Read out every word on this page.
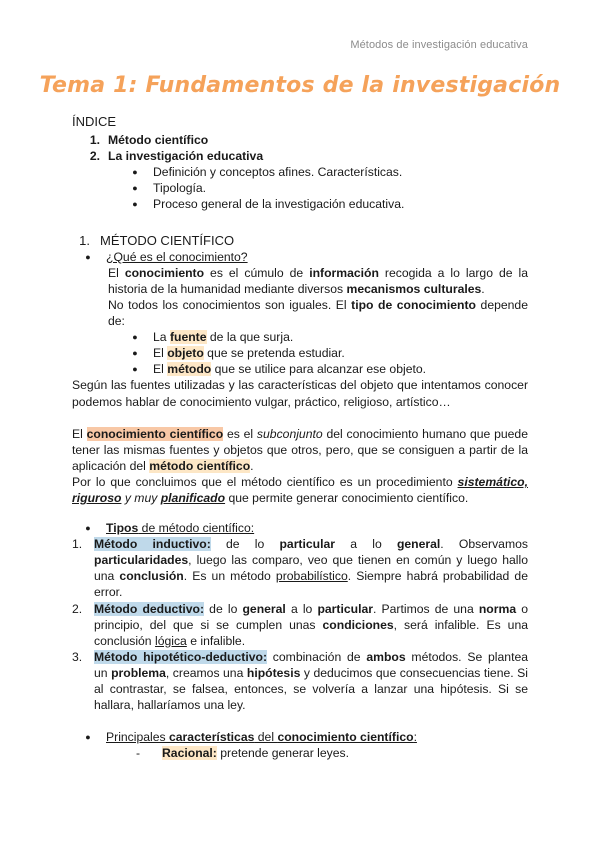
Métodos de investigación educativa
Tema 1: Fundamentos de la investigación
ÍNDICE
1. Método científico
2. La investigación educativa
●	Definición y conceptos afines. Características.
●	Tipología.
●	Proceso general de la investigación educativa.
1. MÉTODO CIENTÍFICO
●	¿Qué es el conocimiento?
El conocimiento es el cúmulo de información recogida a lo largo de la historia de la humanidad mediante diversos mecanismos culturales.
No todos los conocimientos son iguales. El tipo de conocimiento depende de:
●	La fuente de la que surja.
●	El objeto que se pretenda estudiar.
●	El método que se utilice para alcanzar ese objeto.
Según las fuentes utilizadas y las características del objeto que intentamos conocer podemos hablar de conocimiento vulgar, práctico, religioso, artístico…
El conocimiento científico es el subconjunto del conocimiento humano que puede tener las mismas fuentes y objetos que otros, pero, que se consiguen a partir de la aplicación del método científico.
Por lo que concluimos que el método científico es un procedimiento sistemático, riguroso y muy planificado que permite generar conocimiento científico.
●	Tipos de método científico:
1. Método inductivo: de lo particular a lo general. Observamos particularidades, luego las comparo, veo que tienen en común y luego hallo una conclusión. Es un método probabilístico. Siempre habrá probabilidad de error.
2. Método deductivo: de lo general a lo particular. Partimos de una norma o principio, del que si se cumplen unas condiciones, será infalible. Es una conclusión lógica e infalible.
3. Método hipotético-deductivo: combinación de ambos métodos. Se plantea un problema, creamos una hipótesis y deducimos que consecuencias tiene. Si al contrastar, se falsea, entonces, se volvería a lanzar una hipótesis. Si se hallara, hallaríamos una ley.
●	Principales características del conocimiento científico:
-	Racional: pretende generar leyes.
